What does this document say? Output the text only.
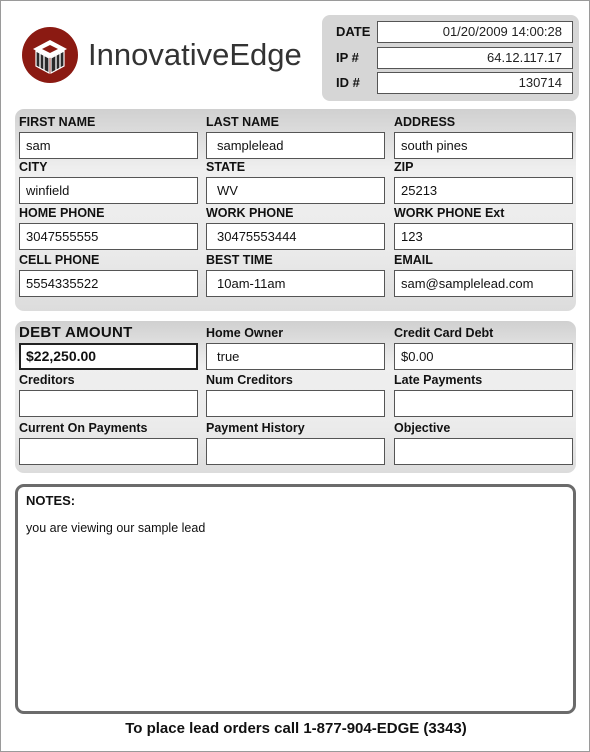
InnovativeEdge
DATE	01/20/2009 14:00:28
IP #	64.12.117.17
ID #	130714
FIRST NAME
sam
LAST NAME
samplelead
ADDRESS
south pines
CITY
winfield
STATE
WV
ZIP
25213
HOME PHONE
3047555555
WORK PHONE
30475553444
WORK PHONE Ext
123
CELL PHONE
5554335522
BEST TIME
10am-11am
EMAIL
sam@samplelead.com
DEBT AMOUNT
$22,250.00
Home Owner
true
Credit Card Debt
$0.00
Creditors	Num Creditors	Late Payments
Current On Payments	Payment History	Objective
NOTES:
you are viewing our sample lead
To place lead orders call 1-877-904-EDGE (3343)
